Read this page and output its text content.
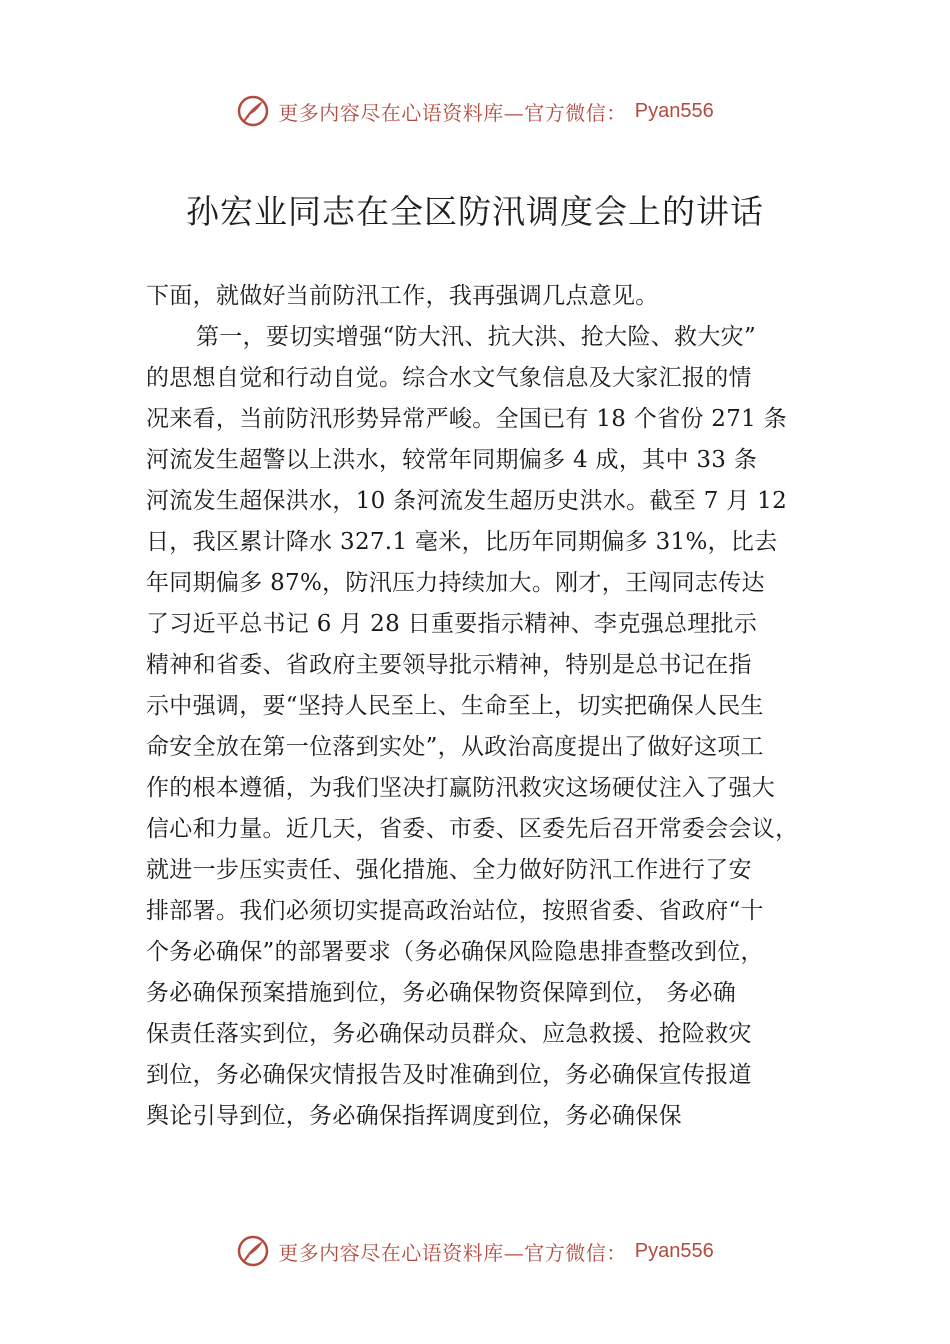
更多内容尽在心语资料库—官方微信： Pyan556
孙宏业同志在全区防汛调度会上的讲话
下面，就做好当前防汛工作，我再强调几点意见。
第一，要切实增强“防大汛、抗大洪、抢大险、救大灾”
的思想自觉和行动自觉。综合水文气象信息及大家汇报的情
况来看，当前防汛形势异常严峻。全国已有 18 个省份 271 条
河流发生超警以上洪水，较常年同期偏多 4 成，其中 33 条
河流发生超保洪水，10 条河流发生超历史洪水。截至 7 月 12
日，我区累计降水 327.1 毫米，比历年同期偏多 31%，比去
年同期偏多 87%，防汛压力持续加大。刚才，王闯同志传达
了习近平总书记 6 月 28 日重要指示精神、李克强总理批示
精神和省委、省政府主要领导批示精神，特别是总书记在指
示中强调，要“坚持人民至上、生命至上，切实把确保人民生
命安全放在第一位落到实处”，从政治高度提出了做好这项工
作的根本遵循，为我们坚决打赢防汛救灾这场硬仗注入了强大
信心和力量。近几天，省委、市委、区委先后召开常委会会议，
就进一步压实责任、强化措施、全力做好防汛工作进行了安
排部署。我们必须切实提高政治站位，按照省委、省政府“十
个务必确保”的部署要求（务必确保风险隐患排查整改到位，
务必确保预案措施到位，务必确保物资保障到位， 务必确
保责任落实到位，务必确保动员群众、应急救援、抢险救灾
到位，务必确保灾情报告及时准确到位，务必确保宣传报道
舆论引导到位，务必确保指挥调度到位，务必确保保
更多内容尽在心语资料库—官方微信： Pyan556
